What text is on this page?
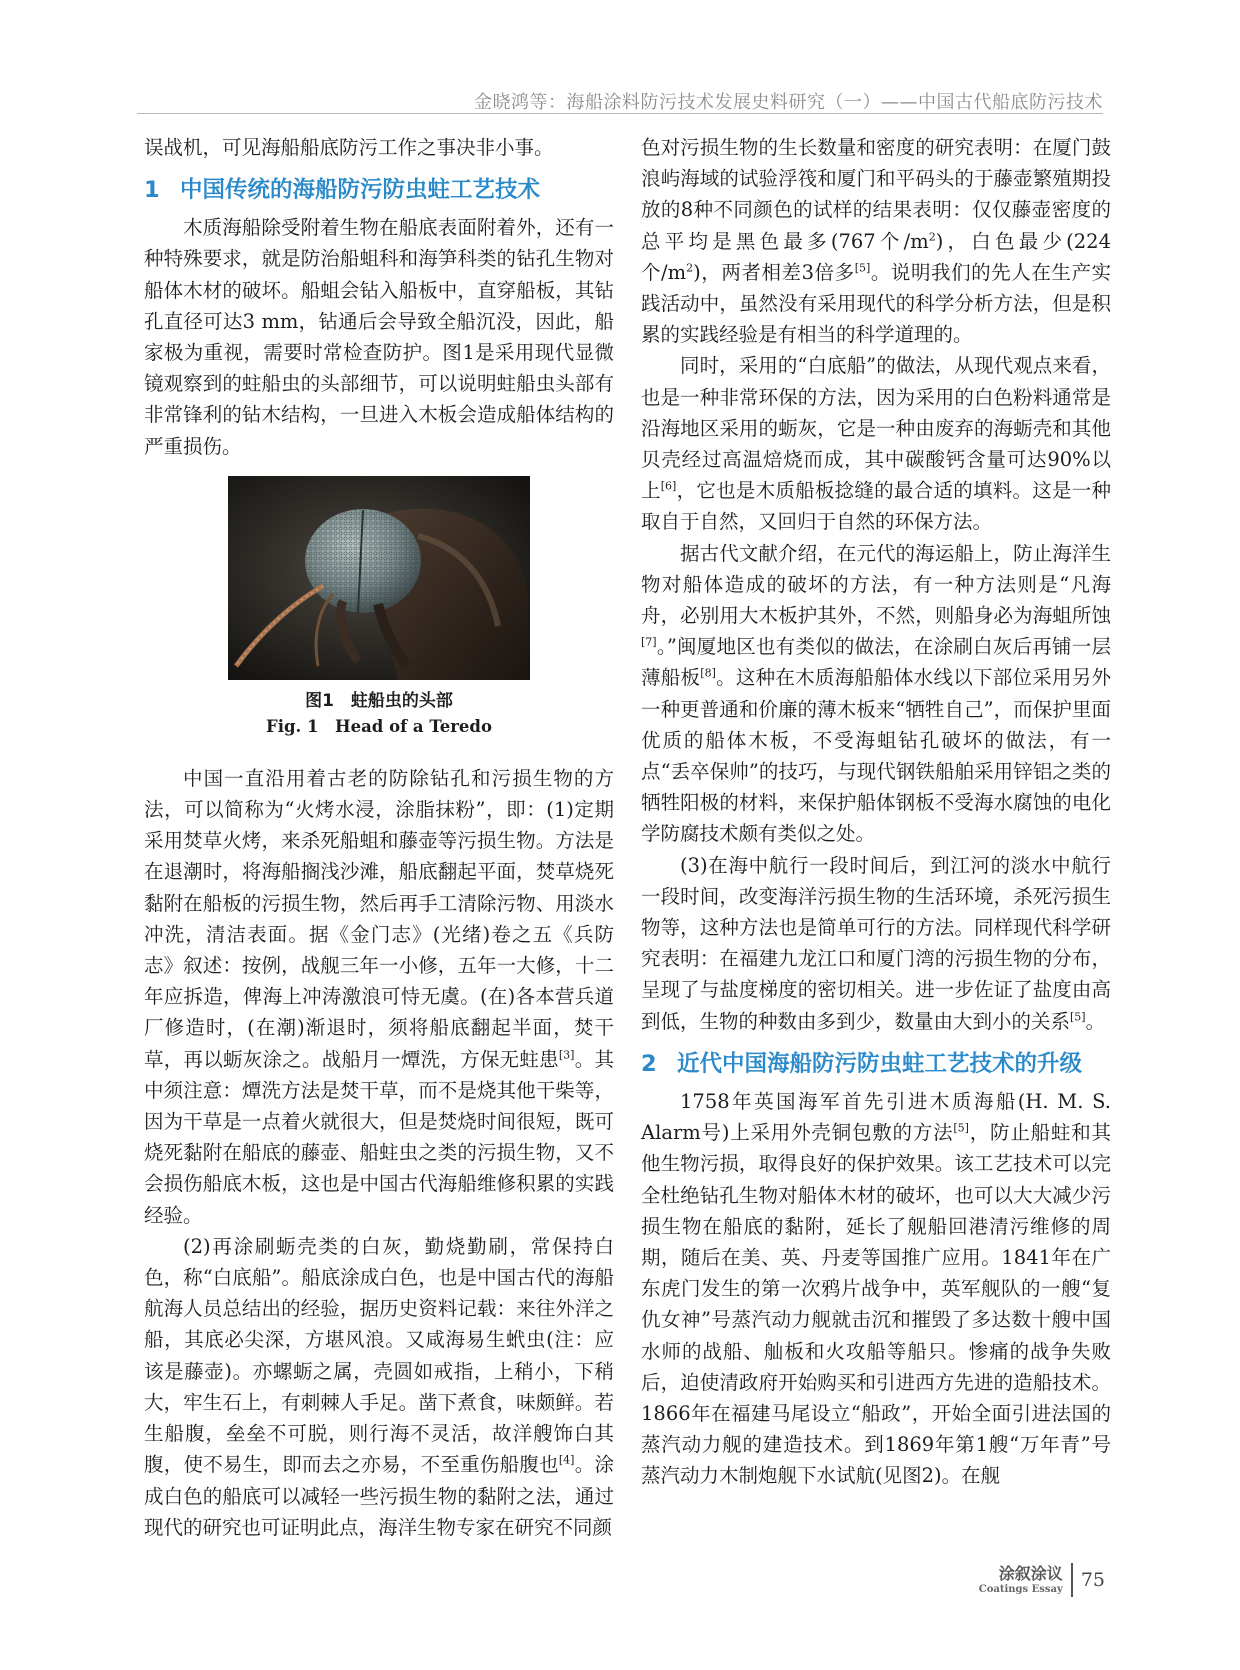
金晓鸿等：海船涂料防污技术发展史料研究（一）——中国古代船底防污技术

误战机，可见海船船底防污工作之事决非小事。

1 中国传统的海船防污防虫蛀工艺技术

木质海船除受附着生物在船底表面附着外，还有一种特殊要求，就是防治船蛆科和海笋科类的钻孔生物对船体木材的破坏。船蛆会钻入船板中，直穿船板，其钻孔直径可达3 mm，钻通后会导致全船沉没，因此，船家极为重视，需要时常检查防护。图1是采用现代显微镜观察到的蛀船虫的头部细节，可以说明蛀船虫头部有非常锋利的钻木结构，一旦进入木板会造成船体结构的严重损伤。

图1　蛀船虫的头部
Fig. 1　Head of a Teredo

中国一直沿用着古老的防除钻孔和污损生物的方法，可以简称为“火烤水浸，涂脂抹粉”，即：(1)定期采用焚草火烤，来杀死船蛆和藤壶等污损生物。方法是在退潮时，将海船搁浅沙滩，船底翻起平面，焚草烧死黏附在船板的污损生物，然后再手工清除污物、用淡水冲洗，清洁表面。据《金门志》(光绪)卷之五《兵防志》叙述：按例，战舰三年一小修，五年一大修，十二年应拆造，俾海上冲涛激浪可恃无虞。(在)各本营兵道厂修造时，(在潮)渐退时，须将船底翻起半面，焚干草，再以蛎灰涂之。战船月一燂洗，方保无蛀患[3]。其中须注意：燂洗方法是焚干草，而不是烧其他干柴等，因为干草是一点着火就很大，但是焚烧时间很短，既可烧死黏附在船底的藤壶、船蛀虫之类的污损生物，又不会损伤船底木板，这也是中国古代海船维修积累的实践经验。

(2)再涂刷蛎壳类的白灰，勤烧勤刷，常保持白色，称“白底船”。船底涂成白色，也是中国古代的海船航海人员总结出的经验，据历史资料记载：来往外洋之船，其底必尖深，方堪风浪。又咸海易生蚮虫(注：应该是藤壶)。亦螺蛎之属，壳圆如戒指，上稍小，下稍大，牢生石上，有刺棘人手足。凿下煮食，味颇鲜。若生船腹，垒垒不可脱，则行海不灵活，故洋艘饰白其腹，使不易生，即而去之亦易，不至重伤船腹也[4]。涂成白色的船底可以减轻一些污损生物的黏附之法，通过现代的研究也可证明此点，海洋生物专家在研究不同颜

色对污损生物的生长数量和密度的研究表明：在厦门鼓浪屿海域的试验浮筏和厦门和平码头的于藤壶繁殖期投放的8种不同颜色的试样的结果表明：仅仅藤壶密度的总平均是黑色最多(767个$/m^2$)，白色最少(224个$/m^2$)，两者相差3倍多[5]。说明我们的先人在生产实践活动中，虽然没有采用现代的科学分析方法，但是积累的实践经验是有相当的科学道理的。

同时，采用的“白底船”的做法，从现代观点来看，也是一种非常环保的方法，因为采用的白色粉料通常是沿海地区采用的蛎灰，它是一种由废弃的海蛎壳和其他贝壳经过高温焙烧而成，其中碳酸钙含量可达90%以上[6]，它也是木质船板捻缝的最合适的填料。这是一种取自于自然，又回归于自然的环保方法。

据古代文献介绍，在元代的海运船上，防止海洋生物对船体造成的破坏的方法，有一种方法则是“凡海舟，必别用大木板护其外，不然，则船身必为海蛆所蚀[7]。”闽厦地区也有类似的做法，在涂刷白灰后再铺一层薄船板[8]。这种在木质海船船体水线以下部位采用另外一种更普通和价廉的薄木板来“牺牲自己”，而保护里面优质的船体木板，不受海蛆钻孔破坏的做法，有一点“丢卒保帅”的技巧，与现代钢铁船舶采用锌铝之类的牺牲阳极的材料，来保护船体钢板不受海水腐蚀的电化学防腐技术颇有类似之处。

(3)在海中航行一段时间后，到江河的淡水中航行一段时间，改变海洋污损生物的生活环境，杀死污损生物等，这种方法也是简单可行的方法。同样现代科学研究表明：在福建九龙江口和厦门湾的污损生物的分布，呈现了与盐度梯度的密切相关。进一步佐证了盐度由高到低，生物的种数由多到少，数量由大到小的关系[5]。

2 近代中国海船防污防虫蛀工艺技术的升级

1758年英国海军首先引进木质海船(H. M. S. Alarm号)上采用外壳铜包敷的方法[5]，防止船蛀和其他生物污损，取得良好的保护效果。该工艺技术可以完全杜绝钻孔生物对船体木材的破坏，也可以大大减少污损生物在船底的黏附，延长了舰船回港清污维修的周期，随后在美、英、丹麦等国推广应用。1841年在广东虎门发生的第一次鸦片战争中，英军舰队的一艘“复仇女神”号蒸汽动力舰就击沉和摧毁了多达数十艘中国水师的战船、舢板和火攻船等船只。惨痛的战争失败后，迫使清政府开始购买和引进西方先进的造船技术。1866年在福建马尾设立“船政”，开始全面引进法国的蒸汽动力舰的建造技术。到1869年第1艘“万年青”号蒸汽动力木制炮舰下水试航(见图2)。在舰

涂叙涂议
Coatings Essay 75
